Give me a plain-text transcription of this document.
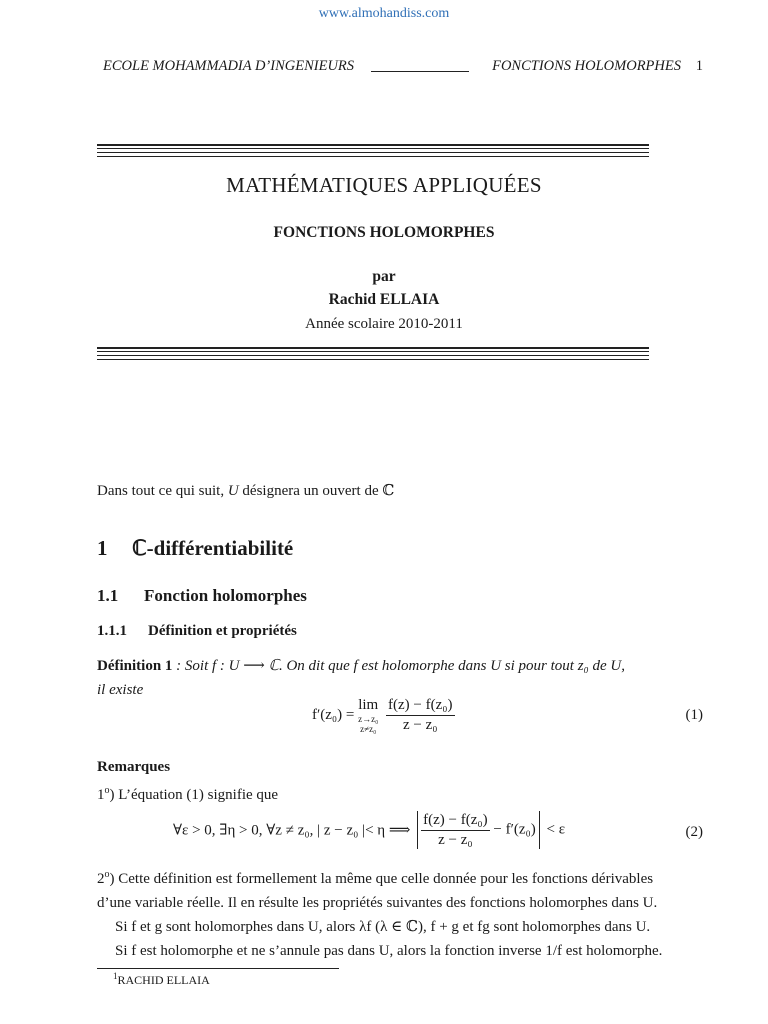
www.almohandiss.com
ECOLE MOHAMMADIA D’INGENIEURS	FONCTIONS HOLOMORPHES 1
MATHÉMATIQUES APPLIQUÉES
FONCTIONS HOLOMORPHES
par
Rachid ELLAIA
Année scolaire 2010-2011
Dans tout ce qui suit, U désignera un ouvert de ℂ
1 ℂ-différentiabilité
1.1 Fonction holomorphes
1.1.1 Définition et propriétés
Définition 1 : Soit f : U ⟶ ℂ. On dit que f est holomorphe dans U si pour tout z₀ de U,
il existe
f′(z₀) =
lim
z→z₀
z≠z₀
$\frac{\text{f(z) − f(z₀)}}{\text{z − z₀}}$	(1)
Remarques
1$^o$) L’équation (1) signifie que
∀ε > 0, ∃η > 0, ∀z ≠ z₀, | z − z₀ |< η ⟹ $\frac{\text{f(z) − f(z₀)}}{\text{z − z₀}} - f'(z_0) < \varepsilon$	(2)
2$^o$) Cette définition est formellement la même que celle donnée pour les fonctions dérivables
d’une variable réelle. Il en résulte les propriétés suivantes des fonctions holomorphes dans U.
Si f et g sont holomorphes dans U, alors λf (λ ∈ ℂ), f + g et fg sont holomorphes dans U.
Si f est holomorphe et ne s’annule pas dans U, alors la fonction inverse 1/f est holomorphe.
$^1$RACHID ELLAIA
